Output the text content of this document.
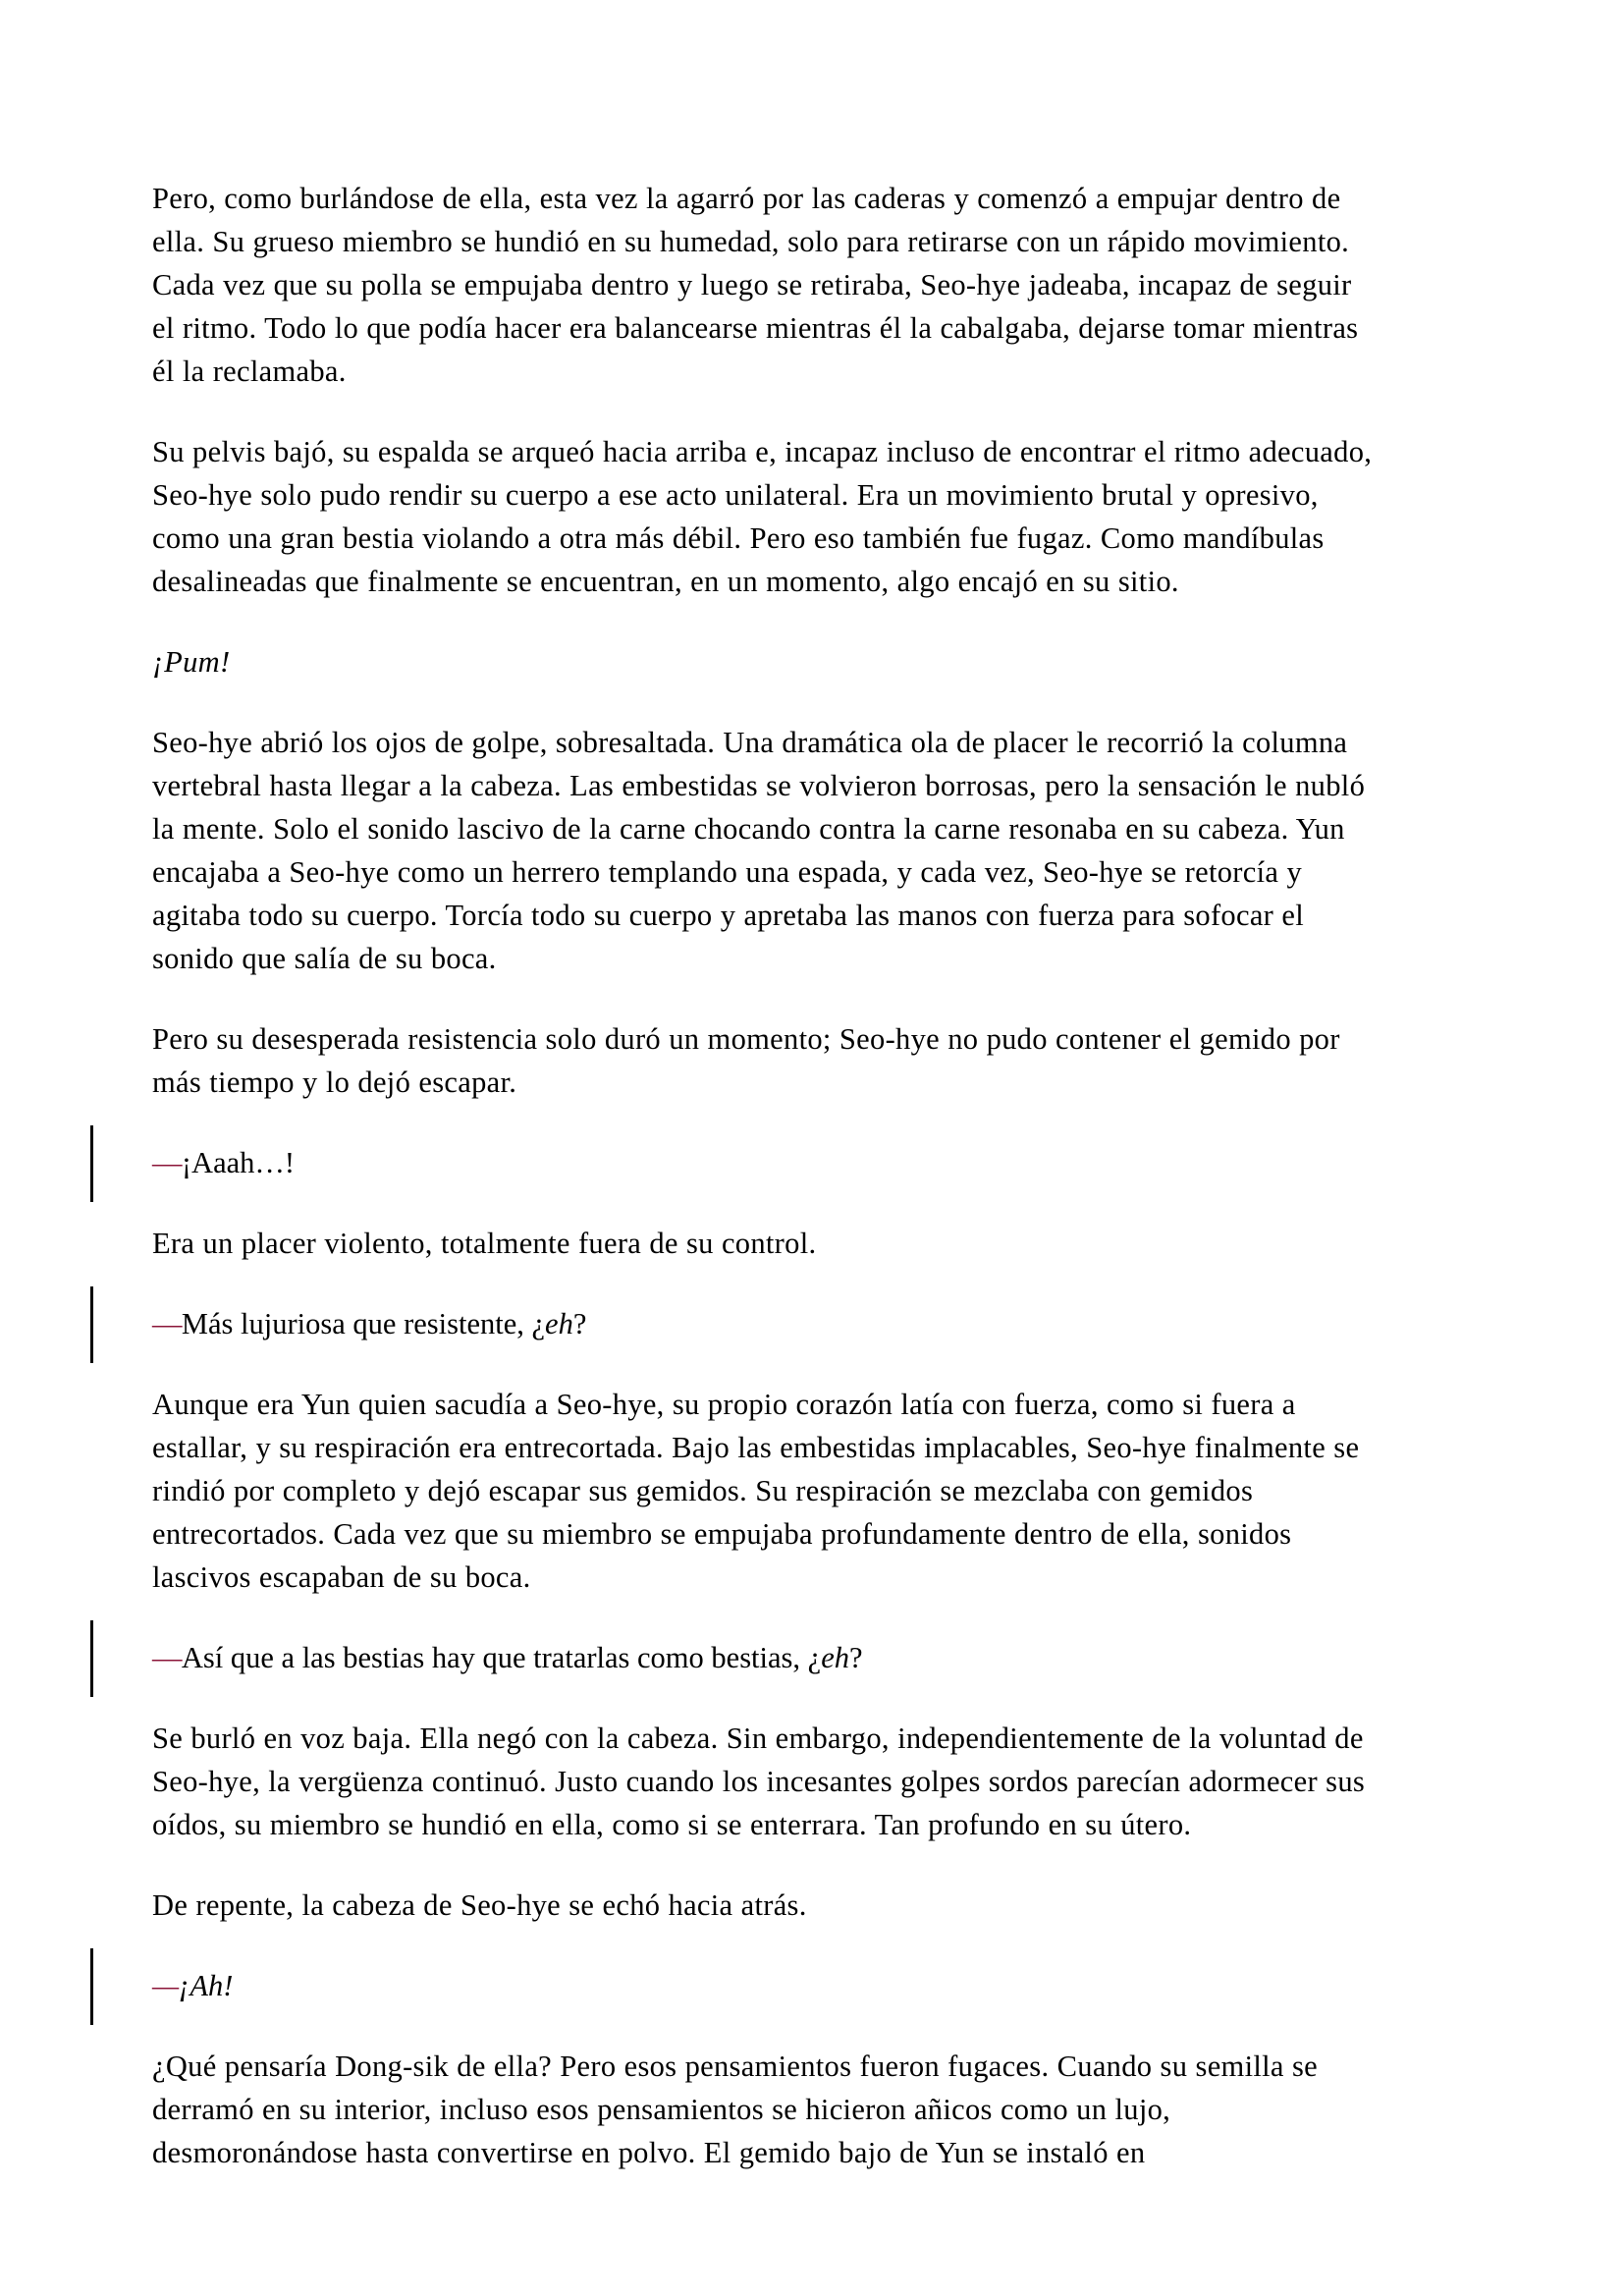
Pero, como burlándose de ella, esta vez la agarró por las caderas y comenzó a empujar dentro de ella. Su grueso miembro se hundió en su humedad, solo para retirarse con un rápido movimiento. Cada vez que su polla se empujaba dentro y luego se retiraba, Seo-hye jadeaba, incapaz de seguir el ritmo. Todo lo que podía hacer era balancearse mientras él la cabalgaba, dejarse tomar mientras él la reclamaba.

Su pelvis bajó, su espalda se arqueó hacia arriba e, incapaz incluso de encontrar el ritmo adecuado, Seo-hye solo pudo rendir su cuerpo a ese acto unilateral. Era un movimiento brutal y opresivo, como una gran bestia violando a otra más débil. Pero eso también fue fugaz. Como mandíbulas desalineadas que finalmente se encuentran, en un momento, algo encajó en su sitio.

¡Pum!

Seo-hye abrió los ojos de golpe, sobresaltada. Una dramática ola de placer le recorrió la columna vertebral hasta llegar a la cabeza. Las embestidas se volvieron borrosas, pero la sensación le nubló la mente. Solo el sonido lascivo de la carne chocando contra la carne resonaba en su cabeza. Yun encajaba a Seo-hye como un herrero templando una espada, y cada vez, Seo-hye se retorcía y agitaba todo su cuerpo. Torcía todo su cuerpo y apretaba las manos con fuerza para sofocar el sonido que salía de su boca.

Pero su desesperada resistencia solo duró un momento; Seo-hye no pudo contener el gemido por más tiempo y lo dejó escapar.

—¡Aaah…!

Era un placer violento, totalmente fuera de su control.

—Más lujuriosa que resistente, ¿eh?

Aunque era Yun quien sacudía a Seo-hye, su propio corazón latía con fuerza, como si fuera a estallar, y su respiración era entrecortada. Bajo las embestidas implacables, Seo-hye finalmente se rindió por completo y dejó escapar sus gemidos. Su respiración se mezclaba con gemidos entrecortados. Cada vez que su miembro se empujaba profundamente dentro de ella, sonidos lascivos escapaban de su boca.

—Así que a las bestias hay que tratarlas como bestias, ¿eh?

Se burló en voz baja. Ella negó con la cabeza. Sin embargo, independientemente de la voluntad de Seo-hye, la vergüenza continuó. Justo cuando los incesantes golpes sordos parecían adormecer sus oídos, su miembro se hundió en ella, como si se enterrara. Tan profundo en su útero.

De repente, la cabeza de Seo-hye se echó hacia atrás.

—¡Ah!

¿Qué pensaría Dong-sik de ella? Pero esos pensamientos fueron fugaces. Cuando su semilla se derramó en su interior, incluso esos pensamientos se hicieron añicos como un lujo, desmoronándose hasta convertirse en polvo. El gemido bajo de Yun se instaló en
